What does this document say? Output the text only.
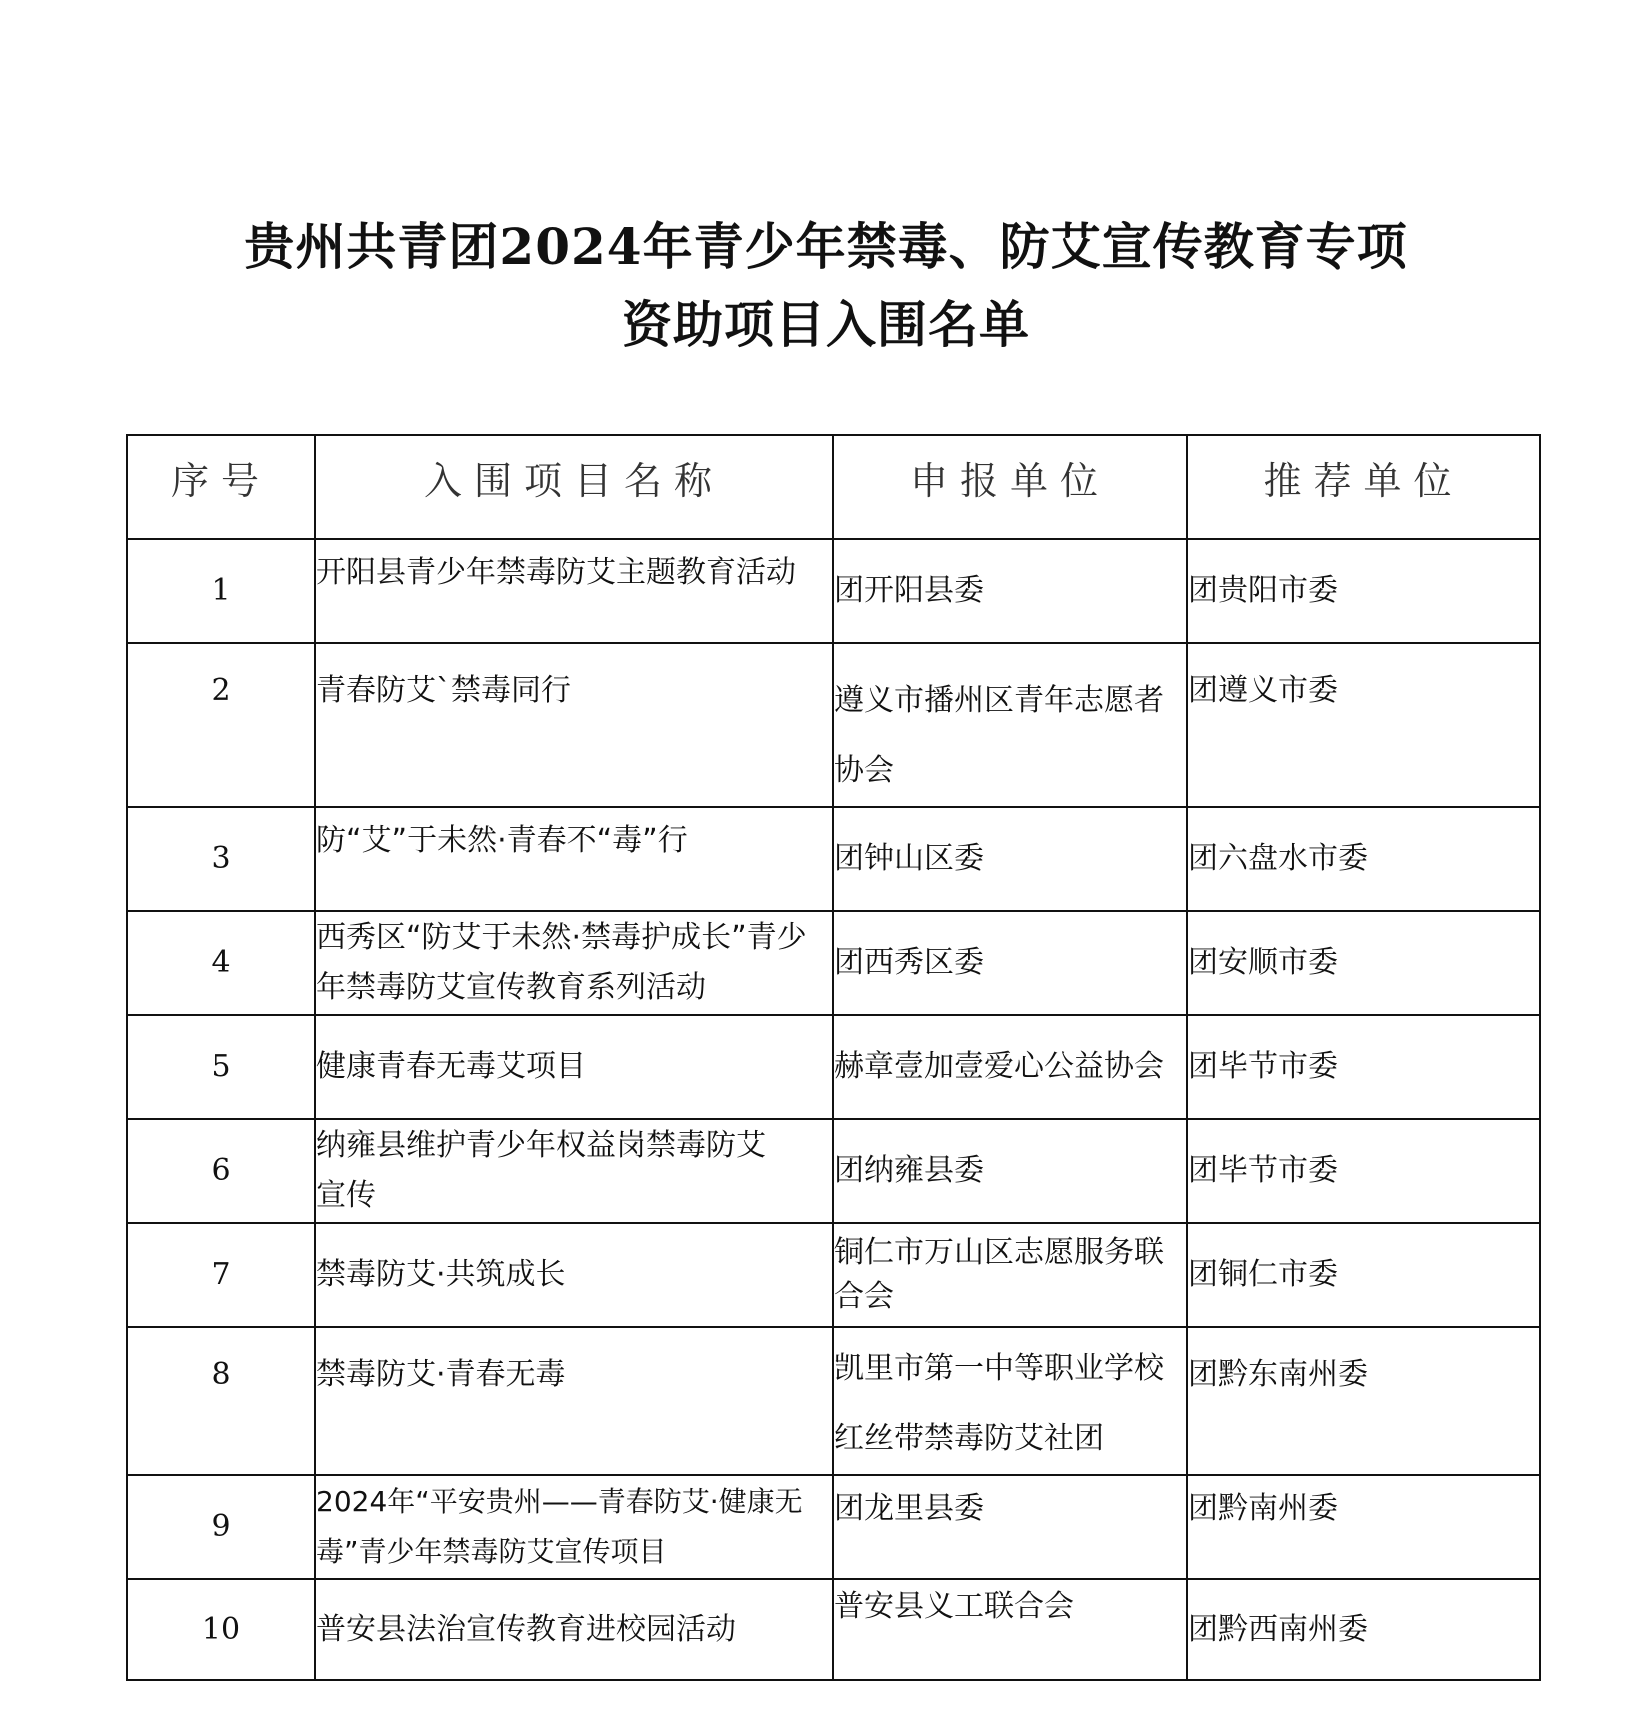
贵州共青团2024年青少年禁毒、防艾宣传教育专项
资助项目入围名单
序号	入围项目名称	申报单位	推荐单位
1	开阳县青少年禁毒防艾主题教育活动	团开阳县委	团贵阳市委
2	青春防艾`禁毒同行	遵义市播州区青年志愿者协会	团遵义市委
3	防“艾”于未然·青春不“毒”行	团钟山区委	团六盘水市委
4	西秀区“防艾于未然·禁毒护成长”青少年禁毒防艾宣传教育系列活动	团西秀区委	团安顺市委
5	健康青春无毒艾项目	赫章壹加壹爱心公益协会	团毕节市委
6	纳雍县维护青少年权益岗禁毒防艾宣传	团纳雍县委	团毕节市委
7	禁毒防艾·共筑成长	铜仁市万山区志愿服务联合会	团铜仁市委
8	禁毒防艾·青春无毒	凯里市第一中等职业学校红丝带禁毒防艾社团	团黔东南州委
9	2024年“平安贵州——青春防艾·健康无毒”青少年禁毒防艾宣传项目	团龙里县委	团黔南州委
10	普安县法治宣传教育进校园活动	普安县义工联合会	团黔西南州委
